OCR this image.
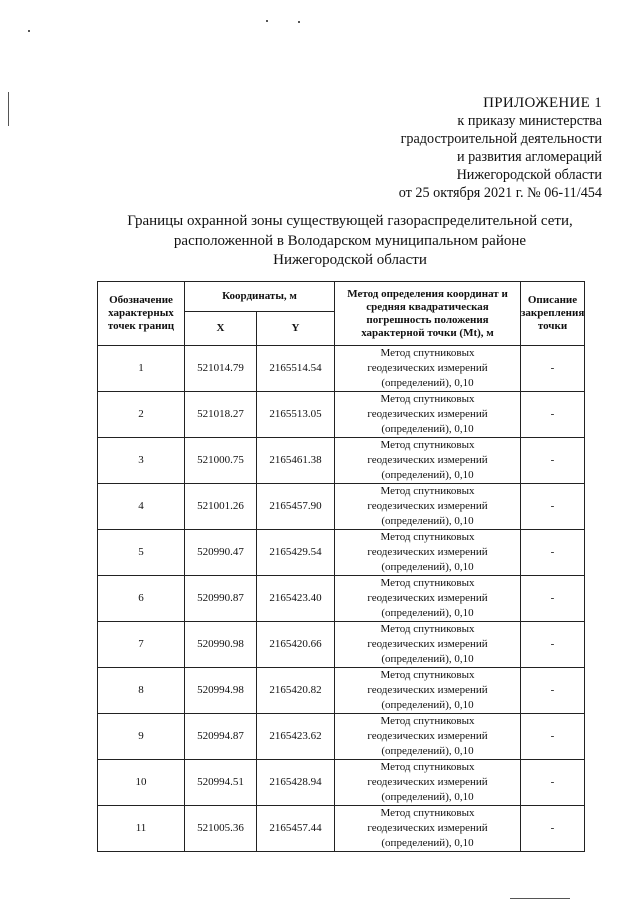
ПРИЛОЖЕНИЕ 1
к приказу министерства
градостроительной деятельности
и развития агломераций
Нижегородской области
от 25 октября 2021 г. № 06-11/454
Границы охранной зоны существующей газораспределительной сети,
расположенной в Володарском муниципальном районе
Нижегородской области
Обозначение характерных точек границ	Координаты, м		Метод определения координат и средняя квадратическая погрешность положения характерной точки (Mt), м	Описание закрепления точки
	X	Y		
1	521014.79	2165514.54	Метод спутниковых
геодезических измерений
(определений), 0,10	-
2	521018.27	2165513.05	Метод спутниковых
геодезических измерений
(определений), 0,10	-
3	521000.75	2165461.38	Метод спутниковых
геодезических измерений
(определений), 0,10	-
4	521001.26	2165457.90	Метод спутниковых
геодезических измерений
(определений), 0,10	-
5	520990.47	2165429.54	Метод спутниковых
геодезических измерений
(определений), 0,10	-
6	520990.87	2165423.40	Метод спутниковых
геодезических измерений
(определений), 0,10	-
7	520990.98	2165420.66	Метод спутниковых
геодезических измерений
(определений), 0,10	-
8	520994.98	2165420.82	Метод спутниковых
геодезических измерений
(определений), 0,10	-
9	520994.87	2165423.62	Метод спутниковых
геодезических измерений
(определений), 0,10	-
10	520994.51	2165428.94	Метод спутниковых
геодезических измерений
(определений), 0,10	-
11	521005.36	2165457.44	Метод спутниковых
геодезических измерений
(определений), 0,10	-
